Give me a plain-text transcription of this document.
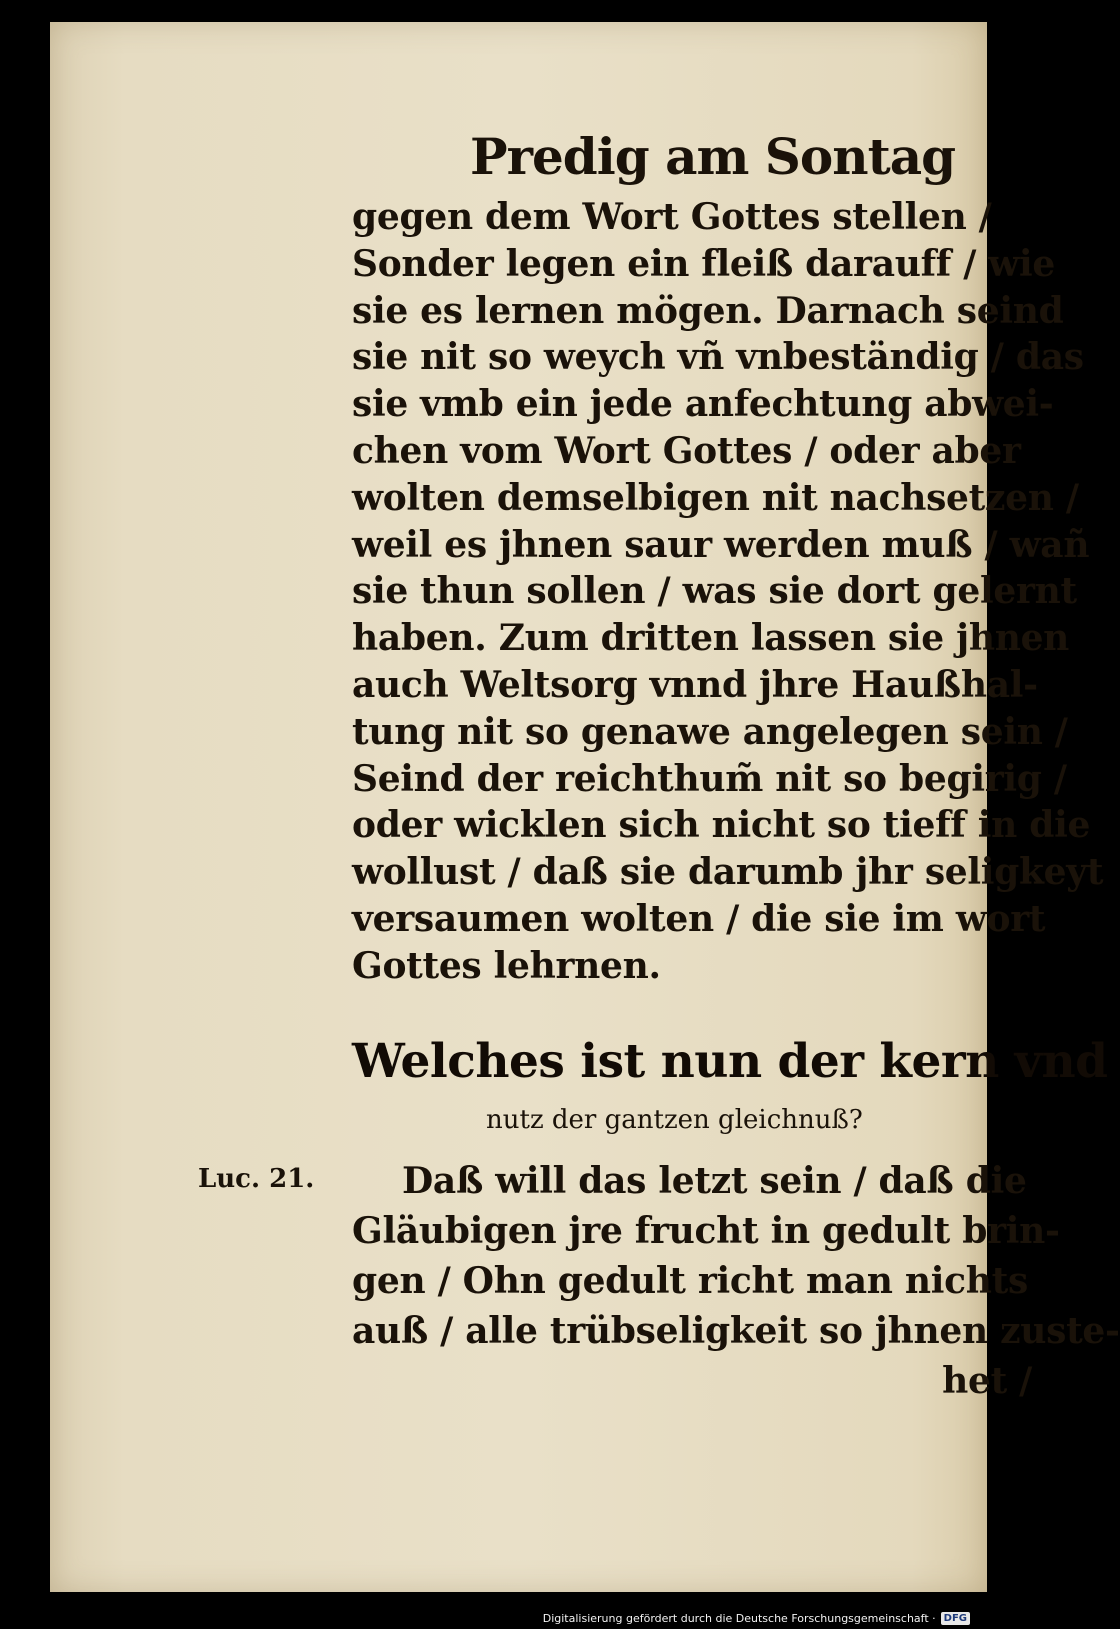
Predig am Sontag
gegen dem Wort Gottes stellen /
Sonder legen ein fleiß darauff / wie
sie es lernen mögen. Darnach seind
sie nit so weych vñ vnbeständig / das
sie vmb ein jede anfechtung abwei-
chen vom Wort Gottes / oder aber
wolten demselbigen nit nachsetzen /
weil es jhnen saur werden muß / wañ
sie thun sollen / was sie dort gelernt
haben. Zum dritten lassen sie jhnen
auch Weltsorg vnnd jhre Haußhal-
tung nit so genawe angelegen sein /
Seind der reichthum̃ nit so begirig /
oder wicklen sich nicht so tieff in die
wollust / daß sie darumb jhr seligkeyt
versaumen wolten / die sie im wort
Gottes lehrnen.
Welches ist nun der kern vnd
nutz der gantzen gleichnuß?
Luc. 21.	Daß will das letzt sein / daß die
Gläubigen jre frucht in gedult brin-
gen / Ohn gedult richt man nichts
auß / alle trübseligkeit so jhnen zuste-
het /
Digitalisierung gefördert durch die Deutsche Forschungsgemeinschaft · DFG
